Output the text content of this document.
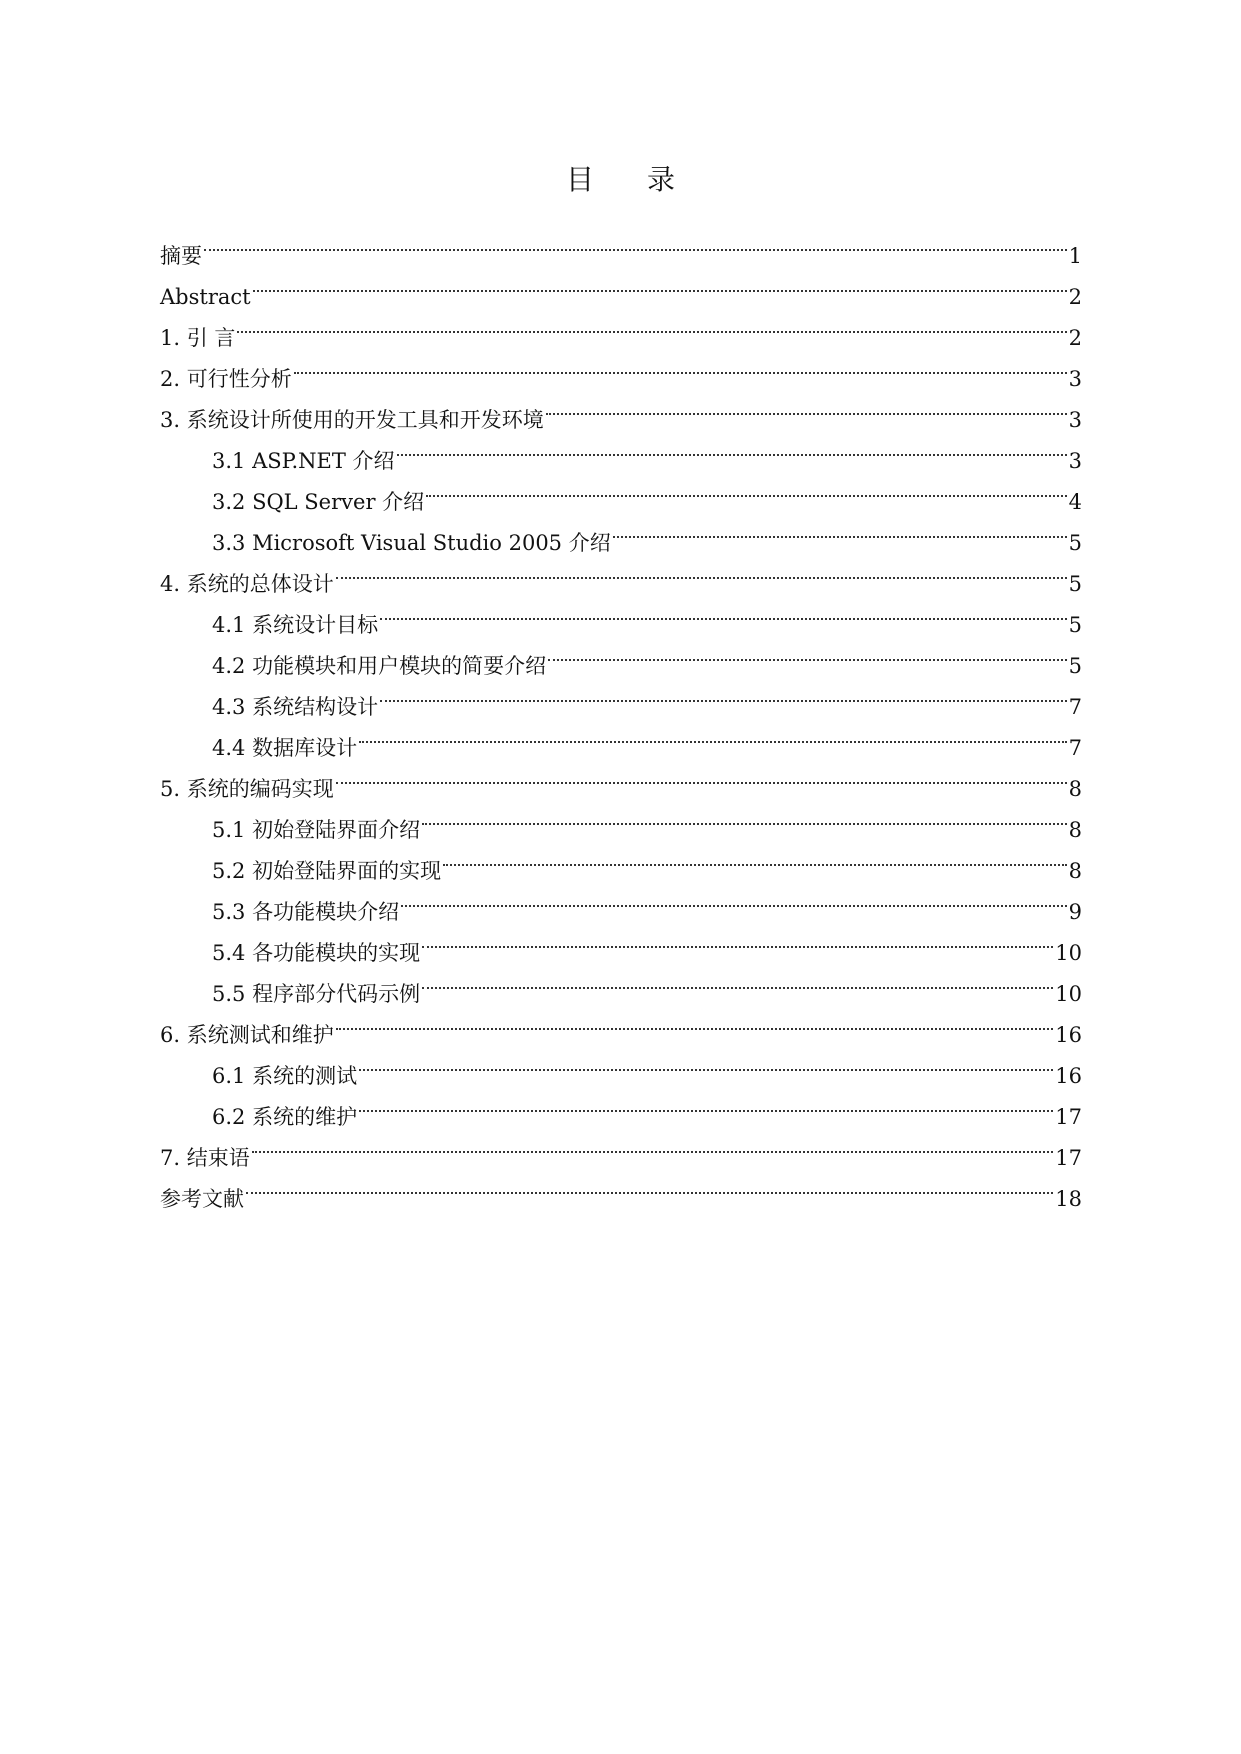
目 录
摘要	1
Abstract	2
1. 引 言	2
2. 可行性分析	3
3. 系统设计所使用的开发工具和开发环境	3
3.1 ASP.NET 介绍	3
3.2 SQL Server 介绍	4
3.3 Microsoft Visual Studio 2005 介绍	5
4. 系统的总体设计	5
4.1 系统设计目标	5
4.2 功能模块和用户模块的简要介绍	5
4.3 系统结构设计	7
4.4 数据库设计	7
5. 系统的编码实现	8
5.1 初始登陆界面介绍	8
5.2 初始登陆界面的实现	8
5.3 各功能模块介绍	9
5.4 各功能模块的实现	10
5.5 程序部分代码示例	10
6. 系统测试和维护	16
6.1 系统的测试	16
6.2 系统的维护	17
7. 结束语	17
参考文献	18
